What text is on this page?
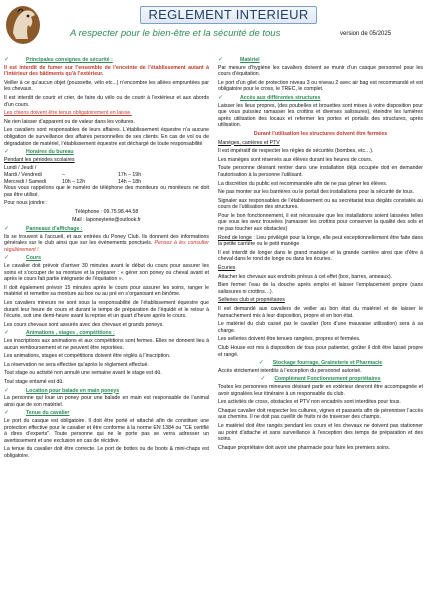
REGLEMENT INTERIEUR
A respecter pour le bien-être et la sécurité de tous	version de 05/2025
✓	Principales consignes de sécurité :

Il est interdit de fumer sur l’ensemble de l’enceinte de l’établissement autant à l’intérieur des bâtiments qu’à l’extérieur.

Veiller à ce qu’aucun objet (poussette, vélo etc...) n’encombre les allées empruntées par les chevaux.

Il est interdit de courir et crier, de faire du vélo ou de courir à l’extérieur et aux abords d’un cours.

Les chiens doivent être tenus obligatoirement en laisse.

Ne rien laisser d’apparent ou de valeur dans les voitures.

Les cavaliers sont responsables de leurs affaires. L’établissement équestre n’a aucune obligation de surveillance des affaires personnelles de ses clients. En cas de vol ou de dégradation de matériel, l’établissement équestre est déchargé de toute responsabilité

✓	Horaires du bureau

Pendant les périodes scolaires

Lundi / Jeudi /
Mardi / Vendredi	–	17h – 19h
Mercredi / Samedi	10h – 12h	14h – 18h

Nous vous rappelons que le numéro de téléphone des moniteurs ou moniteurs ne doit pas être utilisé.

Pour nous joindre :

Téléphone : 09.75.98.44.58

Mail : laponeyterie@outlook.fr

✓	Panneaux d’affichage :

Ils se trouvent à l’accueil, et aux entrées du Poney Club. Ils donnent des informations générales sur le club ainsi que sur les événements ponctuels. Pensez à les consulter régulièrement !

✓	Cours

Le cavalier doit prévoir d’arriver 30 minutes avant le début du cours pour assurer les soins et s’occuper de sa monture et la préparer : « gérer son poney ou cheval avant et après le cours fait partie intégrante de l’équitation ».

Il doit également prévoir 15 minutes après le cours pour assurer les soins, ranger le matériel et remettre sa monture au box ou au pré en s’organisant en binôme.

Les cavaliers mineurs ne sont sous la responsabilité de l’établissement équestre que durant leur heure de cours et durant le temps de préparation de l’équidé et le retour à l’écurie, soit une demi-heure avant la reprise et un quart d’heure après le cours.

Les cours chevaux sont assurés avec des chevaux et grands poneys.

✓	Animations , stages , compétitions :

Les inscriptions aux animations et aux compétitions sont fermes. Elles ne donnent lieu à aucun remboursement et ne peuvent être reportées.

Les animations, stages et compétitions doivent être réglés à l’inscription.

La réservation ne sera effective qu’après le règlement effectué.

Tout stage ou activité non annulé une semaine avant le stage est dû.

Tout stage entamé est dû.

✓	Location pour balade en main poneys

La personne qui loue un poney pour une balade en main est responsable de l’animal ainsi que de son matériel.

✓	Tenue du cavalier

Le port du casque est obligatoire. Il doit être porté et attaché afin de constituer une protection effective pour le cavalier et être conforme à la norme EN 1384 ou "CE certifié à dires d’experts". Toute personne qui ne le porte pas se verra adresser un avertissement et une exclusion en cas de récidive.

La tenue du cavalier doit être correcte. Le port de bottes ou de boots & mini-chaps est obligatoire.

✓	Matériel

Par mesure d’hygiène les cavaliers doivent se munir d’un casque personnel pour les cours d’équitation.

Le port d’un gilet de protection niveau 3 ou niveau 2 avec air bag est recommandé et est obligatoire pour le cross, le TREC, le complet.

✓	Accès aux différentes structures

Laisser les lieux propres, (des poubelles et brouettes sont mises à votre disposition pour que vous puissiez ramasser les crottins et diverses salissures), éteindre les lumières après utilisation des locaux et refermer les portes et portails des structures, après utilisation.

Durant l’utilisation les structures doivent être fermées

Manèges, carrières et PTV

Il est impératif de respecter les règles de sécurités (bombes, etc…).

Les manèges sont réservés aux élèves durant les heures de cours.

Toute personne désirant rentrer dans une installation déjà occupée doit en demander l’autorisation à la personne l’utilisant.

La discrétion du public est recommandée afin de ne pas gêner les élèves.

Ne pas monter sur les barrières ou le portail des installations pour la sécurité de tous.

Signaler aux responsables de l’établissement ou au secrétariat tous dégâts constatés au cours de l’utilisation des structures.

Pour le bon fonctionnement, il est nécessaire que les installations soient laissées telles que vous les avez trouvées (ramasser les crottins pour conserver la qualité des sols et ne pas toucher aux obstacles)

Rond de longe : Lieu privilégié pour la longe, elle peut exceptionnellement être faite dans la petite carrière ou le petit manège

Il est interdit de longer dans le grand manège et la grande carrière ainsi que d’être à cheval dans le rond de longe ou dans les écuries.

Écuries

Attacher les chevaux aux endroits prévus à cet effet (box, barres, anneaux).

Bien fermer l’eau de la douche après emploi et laisser l’emplacement propre (sans salissures ni crottins…).

Selleries club et propriétaires

Il est demandé aux cavaliers de veiller au bon état du matériel et de laisser le harnachement mis à leur disposition, propre et en bon état.

Le matériel du club cassé par le cavalier (lors d’une mauvaise utilisation) sera à sa charge.

Les selleries doivent être tenues rangées, propres et fermées.

Club House est mis à disposition de tous pour patienter, goûter il doit être laissé propre et rangé.

✓	Stockage fourrage, Graineterie et Pharmacie

Accès strictement interdits à l’exception du personnel autorisé.

✓	Complément Fonctionnement propriétaires

Toutes les personnes mineures désirant partir en extérieur devront être accompagnée et avoir signalées leur itinéraire à un responsable du club.

Les activités de cross, obstacles et PTV non encadrés sont interdites pour tous.

Chaque cavalier doit respecter les cultures, vignes et passants afin de pérenniser l’accès aux chemins. Il ne doit pas cueillir de fruits ni de traverser des champs.

Le matériel doit être rangés pendant les cours et les chevaux ne doivent pas stationner au point d’attache et sans surveillance à l’exception des temps de préparation et des soins.

Chaque propriétaire doit avoir une pharmacie pour faire les premiers soins.
